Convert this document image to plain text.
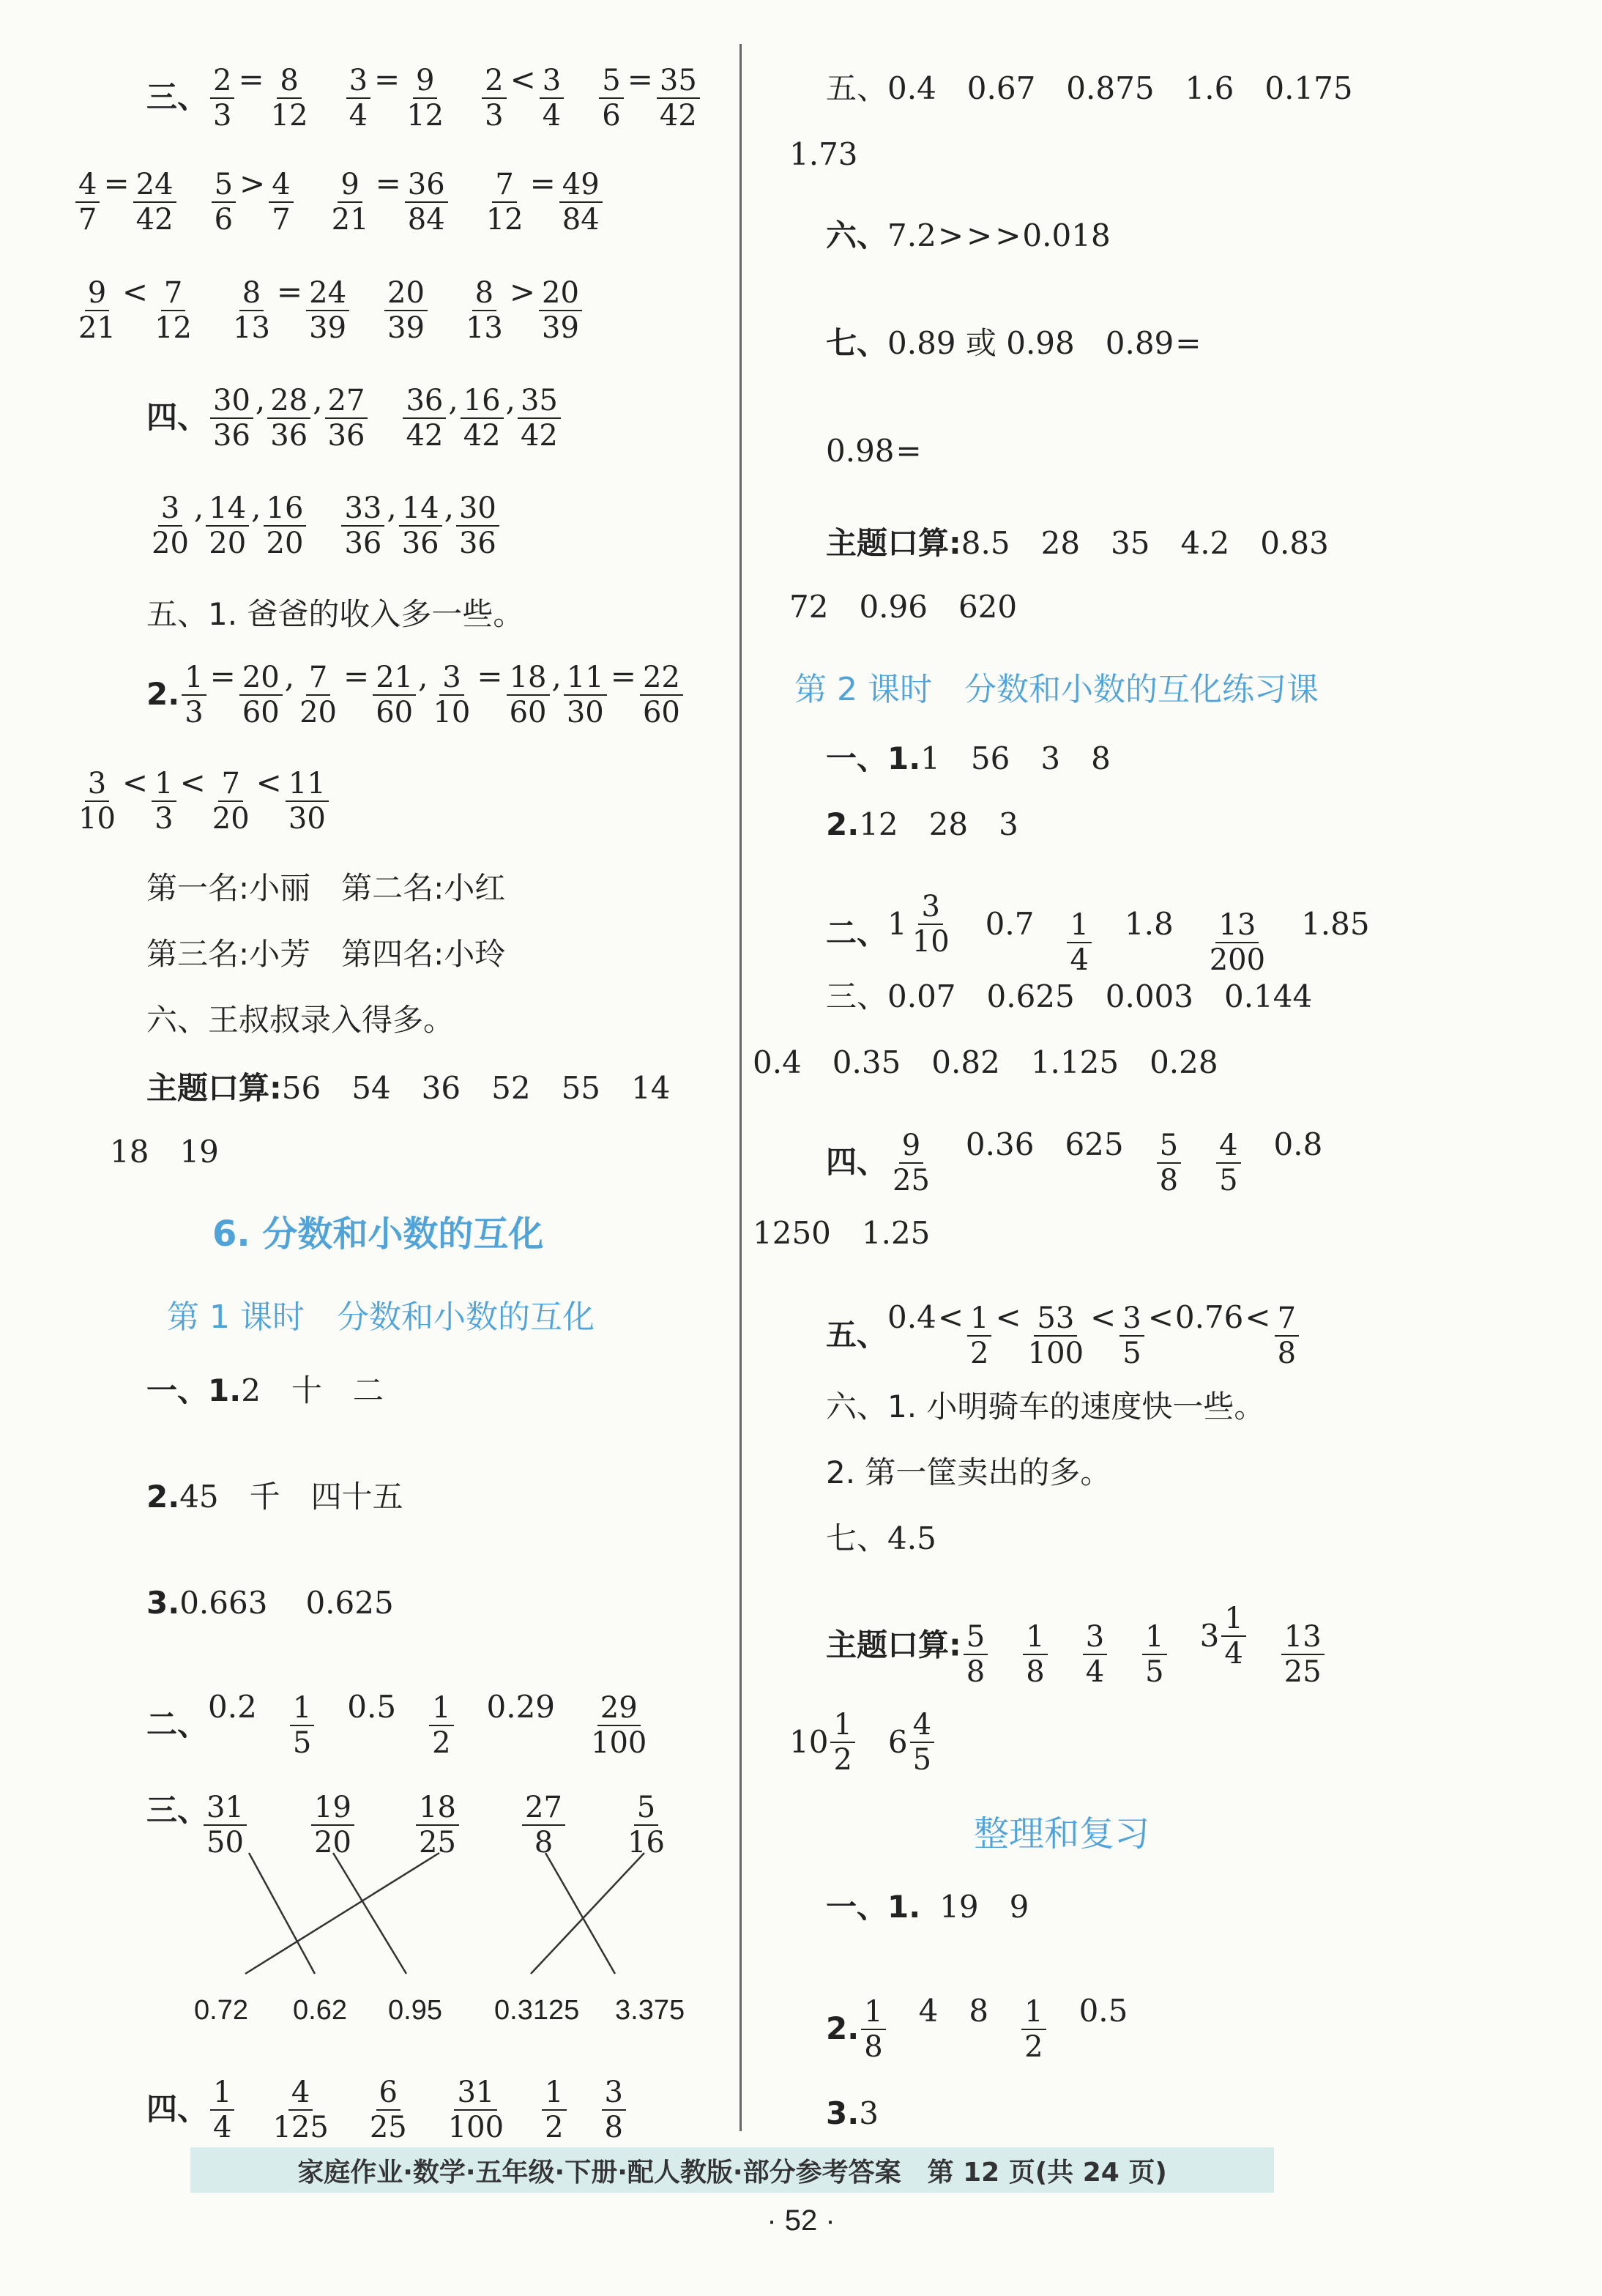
三、 $\frac{2}{3} = \frac{8}{12} \frac{3}{4} = \frac{9}{12} \frac{2}{3} < \frac{3}{4} \frac{5}{6} = \frac{35}{42}$
$\frac{4}{7} = \frac{24}{42} \frac{5}{6} > \frac{4}{7} \frac{9}{21} = \frac{36}{84} \frac{7}{12} = \frac{49}{84}$
$\frac{9}{21} < \frac{7}{12} \frac{8}{13} = \frac{24}{39} \frac{20}{39} \frac{8}{13} > \frac{20}{39}$
四、 $\frac{30}{36}$ , $\frac{28}{36}$ , $\frac{27}{36} \frac{36}{42}$ , $\frac{16}{42}$ , $\frac{35}{42}$
$\frac{3}{20}$ , $\frac{14}{20}$ , $\frac{16}{20} \frac{33}{36}$ , $\frac{14}{36}$ , $\frac{30}{36}$
五、1. 爸爸的收入多一些。
2. $\frac{1}{3} = \frac{20}{60}$ , $\frac{7}{20} = \frac{21}{60}$ , $\frac{3}{10} = \frac{18}{60}$ , $\frac{11}{30} = \frac{22}{60}$
$\frac{3}{10} < \frac{1}{3} < \frac{7}{20} < \frac{11}{30}$
第一名:小丽　第二名:小红
第三名:小芳　第四名:小玲
六、王叔叔录入得多。
主题口算:56　54　36　52　55　14
18　19
6. 分数和小数的互化
第 1 课时　分数和小数的互化
一、1.2　十　二
2.45　千　四十五
3.0.663 0.625
二、$0.2 \frac{1}{5} 0.5 \frac{1}{2} 0.29 \frac{29}{100}$
三、
$\frac{31}{50} \frac{19}{20} \frac{18}{25} \frac{27}{8} \frac{5}{16}$
0.72 0.62 0.95 0.3125 3.375
四、 $\frac{1}{4} \frac{4}{125} \frac{6}{25} \frac{31}{100} \frac{1}{2} \frac{3}{8}$
五、0.4　0.67　0.875　1.6　0.175
1.73
六、7.2>>>0.018
七、0.89 或 0.98　0.89=
0.98=
主题口算:8.5　28　35　4.2　0.83
72　0.96　620
第 2 课时　分数和小数的互化练习课
一、1.1　56　3　8
2.12　28　3
二、 $1 \frac{3}{10} 0.7 \frac{1}{4} 1.8 \frac{13}{200} 1.85$
三、0.07　0.625　0.003　0.144
0.4　0.35　0.82　1.125　0.28
四、 $\frac{9}{25} 0.36$ $625 \frac{5}{8} \frac{4}{5} 0.8$
1250　1.25
五、$0.4< \frac{1}{2} < \frac{53}{100} < \frac{3}{5} <0.76< \frac{7}{8}$
六、1. 小明骑车的速度快一些。
2. 第一筐卖出的多。
七、4.5
主题口算: $\frac{5}{8} \frac{1}{8} \frac{3}{4} \frac{1}{5} 3 \frac{1}{4} \frac{13}{25}$
$10 \frac{1}{2} 6 \frac{4}{5}$
整理和复习
一、1. 19　9
2. $\frac{1}{8} 4$ $8 \frac{1}{2} 0.5$
3.3
家庭作业·数学·五年级·下册·配人教版·部分参考答案　第 12 页(共 24 页)
· 52 ·
